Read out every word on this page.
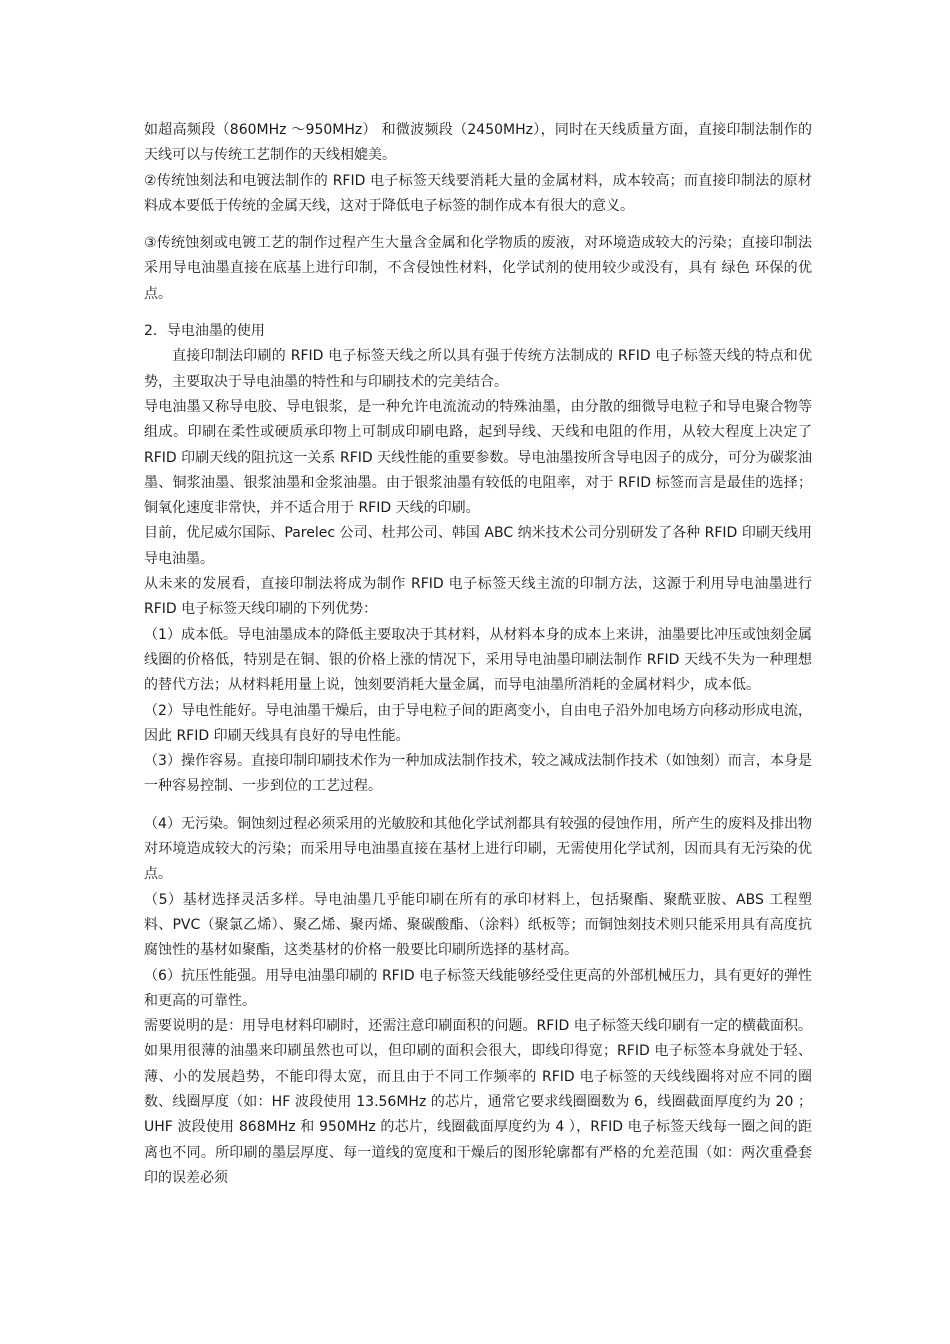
如超高频段（860MHz ～950MHz） 和微波频段（2450MHz），同时在天线质量方面，直接印制法制作的天线可以与传统工艺制作的天线相媲美。

②传统蚀刻法和电镀法制作的 RFID 电子标签天线要消耗大量的金属材料，成本较高；而直接印制法的原材料成本要低于传统的金属天线，这对于降低电子标签的制作成本有很大的意义。

③传统蚀刻或电镀工艺的制作过程产生大量含金属和化学物质的废液，对环境造成较大的污染；直接印制法采用导电油墨直接在底基上进行印制，不含侵蚀性材料，化学试剂的使用较少或没有，具有 绿色 环保的优点。

2．导电油墨的使用

直接印制法印刷的 RFID 电子标签天线之所以具有强于传统方法制成的 RFID 电子标签天线的特点和优势，主要取决于导电油墨的特性和与印刷技术的完美结合。

导电油墨又称导电胶、导电银浆，是一种允许电流流动的特殊油墨，由分散的细微导电粒子和导电聚合物等组成。印刷在柔性或硬质承印物上可制成印刷电路，起到导线、天线和电阻的作用，从较大程度上决定了 RFID 印刷天线的阻抗这一关系 RFID 天线性能的重要参数。导电油墨按所含导电因子的成分，可分为碳浆油墨、铜浆油墨、银浆油墨和金浆油墨。由于银浆油墨有较低的电阻率，对于 RFID 标签而言是最佳的选择；铜氧化速度非常快，并不适合用于 RFID 天线的印刷。

目前，优尼威尔国际、Parelec 公司、杜邦公司、韩国 ABC 纳米技术公司分别研发了各种 RFID 印刷天线用导电油墨。

从未来的发展看，直接印制法将成为制作 RFID 电子标签天线主流的印制方法，这源于利用导电油墨进行 RFID 电子标签天线印刷的下列优势：

（1）成本低。导电油墨成本的降低主要取决于其材料，从材料本身的成本上来讲，油墨要比冲压或蚀刻金属线圈的价格低，特别是在铜、银的价格上涨的情况下，采用导电油墨印刷法制作 RFID 天线不失为一种理想的替代方法；从材料耗用量上说，蚀刻要消耗大量金属，而导电油墨所消耗的金属材料少，成本低。

（2）导电性能好。导电油墨干燥后，由于导电粒子间的距离变小，自由电子沿外加电场方向移动形成电流，因此 RFID 印刷天线具有良好的导电性能。

（3）操作容易。直接印制印刷技术作为一种加成法制作技术，较之减成法制作技术（如蚀刻）而言，本身是一种容易控制、一步到位的工艺过程。

（4）无污染。铜蚀刻过程必须采用的光敏胶和其他化学试剂都具有较强的侵蚀作用，所产生的废料及排出物对环境造成较大的污染；而采用导电油墨直接在基材上进行印刷，无需使用化学试剂，因而具有无污染的优点。

（5）基材选择灵活多样。导电油墨几乎能印刷在所有的承印材料上，包括聚酯、聚酰亚胺、ABS 工程塑料、PVC（聚氯乙烯）、聚乙烯、聚丙烯、聚碳酸酯、（涂料）纸板等；而铜蚀刻技术则只能采用具有高度抗腐蚀性的基材如聚酯，这类基材的价格一般要比印刷所选择的基材高。

（6）抗压性能强。用导电油墨印刷的 RFID 电子标签天线能够经受住更高的外部机械压力，具有更好的弹性和更高的可靠性。

需要说明的是：用导电材料印刷时，还需注意印刷面积的问题。RFID 电子标签天线印刷有一定的横截面积。如果用很薄的油墨来印刷虽然也可以，但印刷的面积会很大，即线印得宽；RFID 电子标签本身就处于轻、薄、小的发展趋势，不能印得太宽，而且由于不同工作频率的 RFID 电子标签的天线线圈将对应不同的圈数、线圈厚度（如：HF 波段使用 13.56MHz 的芯片，通常它要求线圈圈数为 6，线圈截面厚度约为 20 ；UHF 波段使用 868MHz 和 950MHz 的芯片，线圈截面厚度约为 4 ），RFID 电子标签天线每一圈之间的距离也不同。所印刷的墨层厚度、每一道线的宽度和干燥后的图形轮廓都有严格的允差范围（如：两次重叠套印的误差必须
